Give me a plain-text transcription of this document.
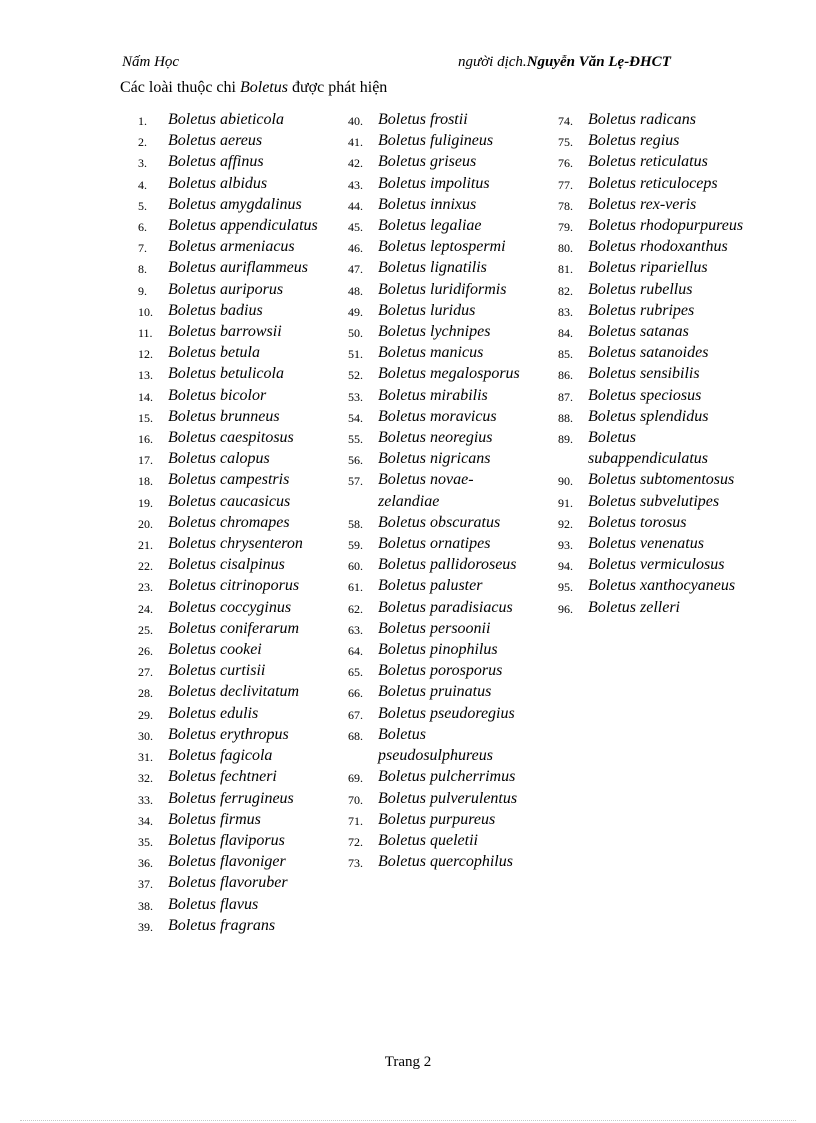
Nấm Học	người dịch.Nguyễn Văn Lẹ-ĐHCT
Các loài thuộc chi Boletus được phát hiện
1. Boletus abieticola
2. Boletus aereus
3. Boletus affinus
4. Boletus albidus
5. Boletus amygdalinus
6. Boletus appendiculatus
7. Boletus armeniacus
8. Boletus auriflammeus
9. Boletus auriporus
10. Boletus badius
11. Boletus barrowsii
12. Boletus betula
13. Boletus betulicola
14. Boletus bicolor
15. Boletus brunneus
16. Boletus caespitosus
17. Boletus calopus
18. Boletus campestris
19. Boletus caucasicus
20. Boletus chromapes
21. Boletus chrysenteron
22. Boletus cisalpinus
23. Boletus citrinoporus
24. Boletus coccyginus
25. Boletus coniferarum
26. Boletus cookei
27. Boletus curtisii
28. Boletus declivitatum
29. Boletus edulis
30. Boletus erythropus
31. Boletus fagicola
32. Boletus fechtneri
33. Boletus ferrugineus
34. Boletus firmus
35. Boletus flaviporus
36. Boletus flavoniger
37. Boletus flavoruber
38. Boletus flavus
39. Boletus fragrans
40. Boletus frostii
41. Boletus fuligineus
42. Boletus griseus
43. Boletus impolitus
44. Boletus innixus
45. Boletus legaliae
46. Boletus leptospermi
47. Boletus lignatilis
48. Boletus luridiformis
49. Boletus luridus
50. Boletus lychnipes
51. Boletus manicus
52. Boletus megalosporus
53. Boletus mirabilis
54. Boletus moravicus
55. Boletus neoregius
56. Boletus nigricans
57. Boletus novae-zelandiae
58. Boletus obscuratus
59. Boletus ornatipes
60. Boletus pallidoroseus
61. Boletus paluster
62. Boletus paradisiacus
63. Boletus persoonii
64. Boletus pinophilus
65. Boletus porosporus
66. Boletus pruinatus
67. Boletus pseudoregius
68. Boletus pseudosulphureus
69. Boletus pulcherrimus
70. Boletus pulverulentus
71. Boletus purpureus
72. Boletus queletii
73. Boletus quercophilus
74. Boletus radicans
75. Boletus regius
76. Boletus reticulatus
77. Boletus reticuloceps
78. Boletus rex-veris
79. Boletus rhodopurpureus
80. Boletus rhodoxanthus
81. Boletus ripariellus
82. Boletus rubellus
83. Boletus rubripes
84. Boletus satanas
85. Boletus satanoides
86. Boletus sensibilis
87. Boletus speciosus
88. Boletus splendidus
89. Boletus subappendiculatus
90. Boletus subtomentosus
91. Boletus subvelutipes
92. Boletus torosus
93. Boletus venenatus
94. Boletus vermiculosus
95. Boletus xanthocyaneus
96. Boletus zelleri
Trang 2
